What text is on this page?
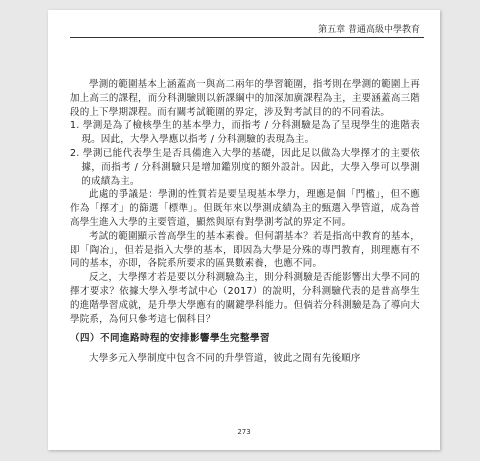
第五章 普通高級中學教育

學測的範圍基本上涵蓋高一與高二兩年的學習範圍，指考則在學測的範圍上再加上高三的課程，而分科測驗則以新課綱中的加深加廣課程為主，主要涵蓋高三階段的上下學期課程。而有關考試範圍的界定，涉及對考試目的的不同看法。

1. 學測是為了檢核學生的基本學力，而指考 / 分科測驗是為了呈現學生的進階表現。因此，大學入學應以指考 / 分科測驗的表現為主。

2. 學測已能代表學生是否具備進入大學的基礎，因此足以做為大學擇才的主要依據，而指考 / 分科測驗只是增加鑑別度的額外設計。因此，大學入學可以學測的成績為主。

此處的爭議是：學測的性質若是要呈現基本學力，理應是個「門檻」，但不應作為「擇才」的篩選「標準」。但既年來以學測成績為主的甄選入學管道，成為普高學生進入大學的主要管道，顯然與原有對學測考試的界定不同。

考試的範圍顯示普高學生的基本素養。但何謂基本？若是指高中教育的基本，即「陶冶」，但若是指入大學的基本，即因為大學是分殊的專門教育，則理應有不同的基本，亦即，各院系所要求的區異數素養，也應不同。

反之，大學擇才若是要以分科測驗為主，則分科測驗是否能影響出大學不同的擇才要求？依據大學入學考試中心（2017）的說明，分科測驗代表的是普高學生的進階學習成就，是升學大學應有的關鍵學科能力。但倘若分科測驗是為了導向大學院系，為何只參考這七個科目？

（四）不同進路時程的安排影響學生完整學習

大學多元入學制度中包含不同的升學管道，彼此之間有先後順序

273
